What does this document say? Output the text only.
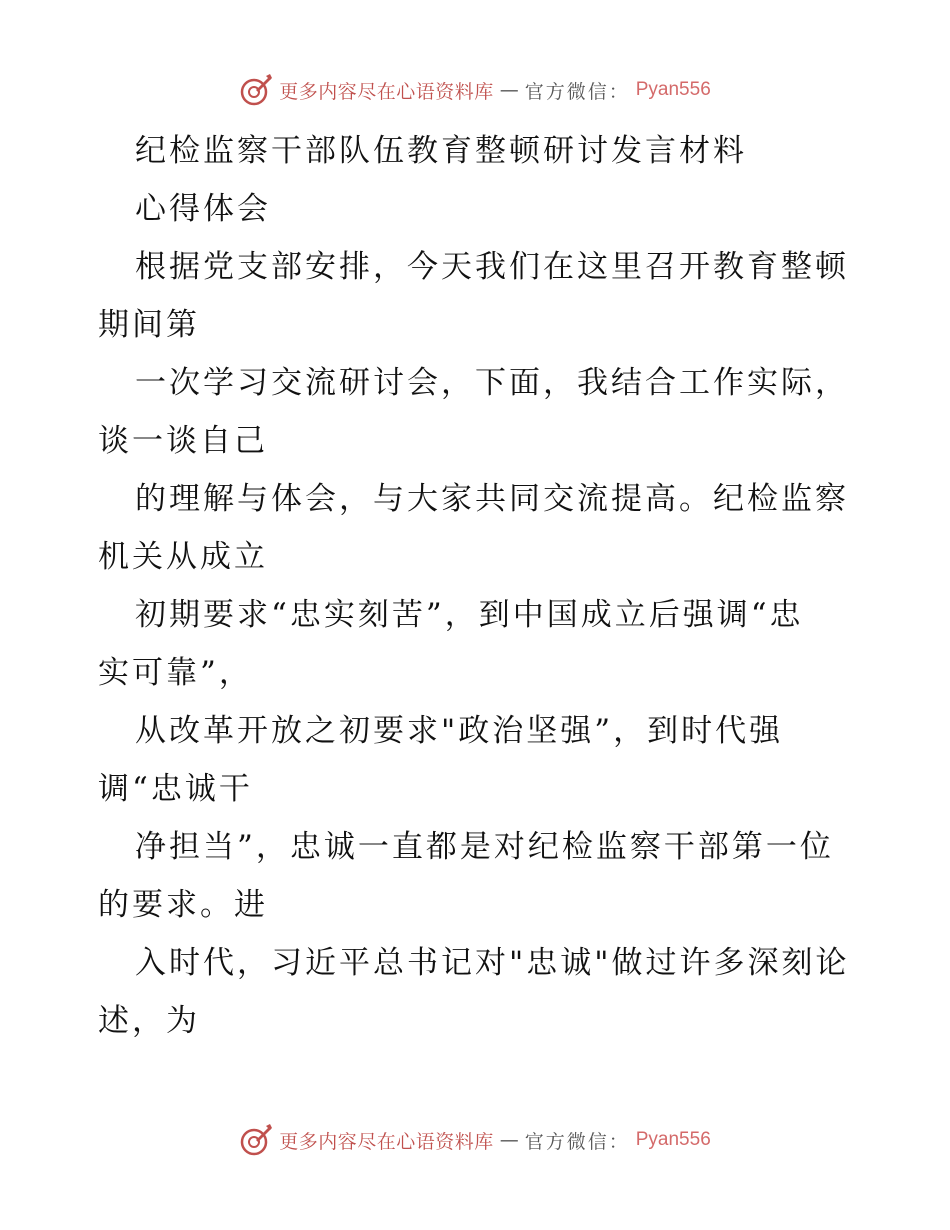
更多内容尽在心语资料库 — 官方微信： Pyan556
纪检监察干部队伍教育整顿研讨发言材料
心得体会
根据党支部安排，今天我们在这里召开教育整顿
期间第
一次学习交流研讨会，下面，我结合工作实际，
谈一谈自己
的理解与体会，与大家共同交流提高。纪检监察
机关从成立
初期要求“忠实刻苦”，到中国成立后强调“忠
实可靠”，
从改革开放之初要求"政治坚强”，到时代强
调“忠诚干
净担当”，忠诚一直都是对纪检监察干部第一位
的要求。进
入时代，习近平总书记对"忠诚"做过许多深刻论
述，为
更多内容尽在心语资料库 — 官方微信： Pyan556
